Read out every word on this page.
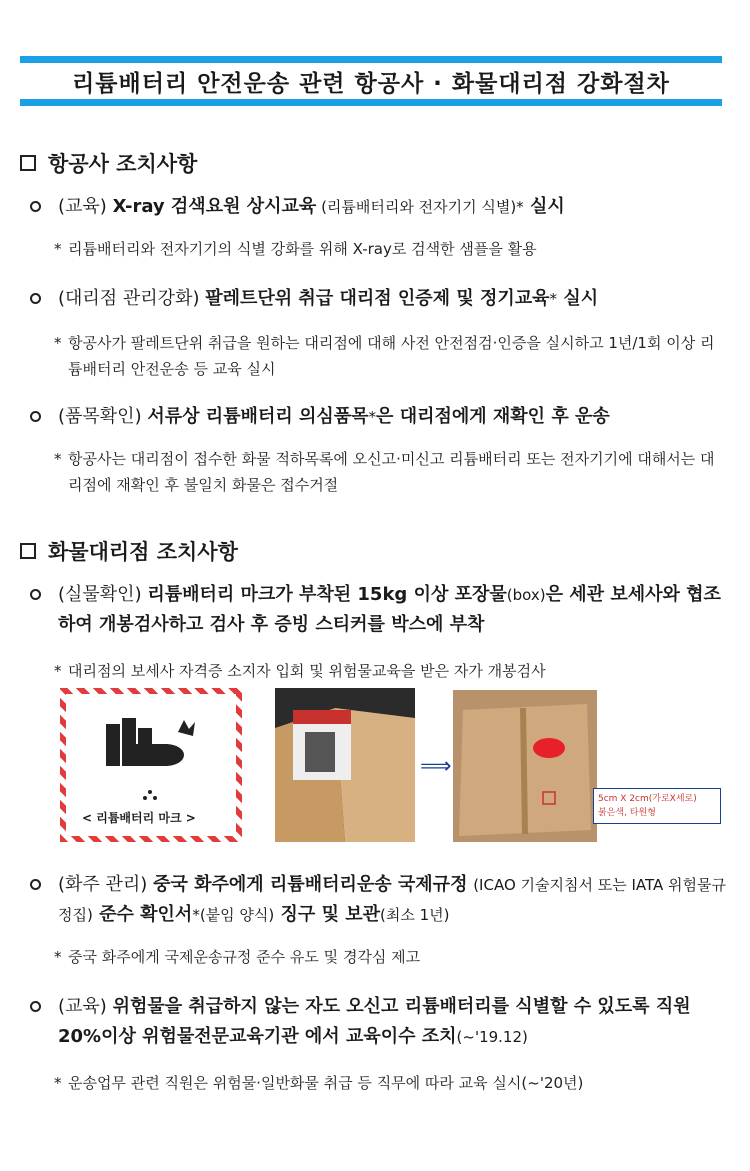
리튬배터리 안전운송 관련 항공사 · 화물대리점 강화절차
항공사 조치사항
(교육) X-ray 검색요원 상시교육 (리튬배터리와 전자기기 식별)* 실시
* 리튬배터리와 전자기기의 식별 강화를 위해 X-ray로 검색한 샘플을 활용
(대리점 관리강화) 팔레트단위 취급 대리점 인증제 및 정기교육* 실시
* 항공사가 팔레트단위 취급을 원하는 대리점에 대해 사전 안전점검·인증을 실시하고 1년/1회 이상 리튬배터리 안전운송 등 교육 실시
(품목확인) 서류상 리튬배터리 의심품목*은 대리점에게 재확인 후 운송
* 항공사는 대리점이 접수한 화물 적하목록에 오신고·미신고 리튬배터리 또는 전자기기에 대해서는 대리점에 재확인 후 불일치 화물은 접수거절
화물대리점 조치사항
(실물확인) 리튬배터리 마크가 부착된 15kg 이상 포장물(box)은 세관 보세사와 협조하여 개봉검사하고 검사 후 증빙 스티커를 박스에 부착
* 대리점의 보세사 자격증 소지자 입회 및 위험물교육을 받은 자가 개봉검사
< 리튬배터리 마크 >
⟹
5cm X 2cm(가로X세로)
붉은색, 타원형
(화주 관리) 중국 화주에게 리튬배터리운송 국제규정 (ICAO 기술지침서 또는 IATA 위험물규정집) 준수 확인서*(붙임 양식) 징구 및 보관(최소 1년)
* 중국 화주에게 국제운송규정 준수 유도 및 경각심 제고
(교육) 위험물을 취급하지 않는 자도 오신고 리튬배터리를 식별할 수 있도록 직원 20%이상 위험물전문교육기관 에서 교육이수 조치(~'19.12)
* 운송업무 관련 직원은 위험물·일반화물 취급 등 직무에 따라 교육 실시(~'20년)
